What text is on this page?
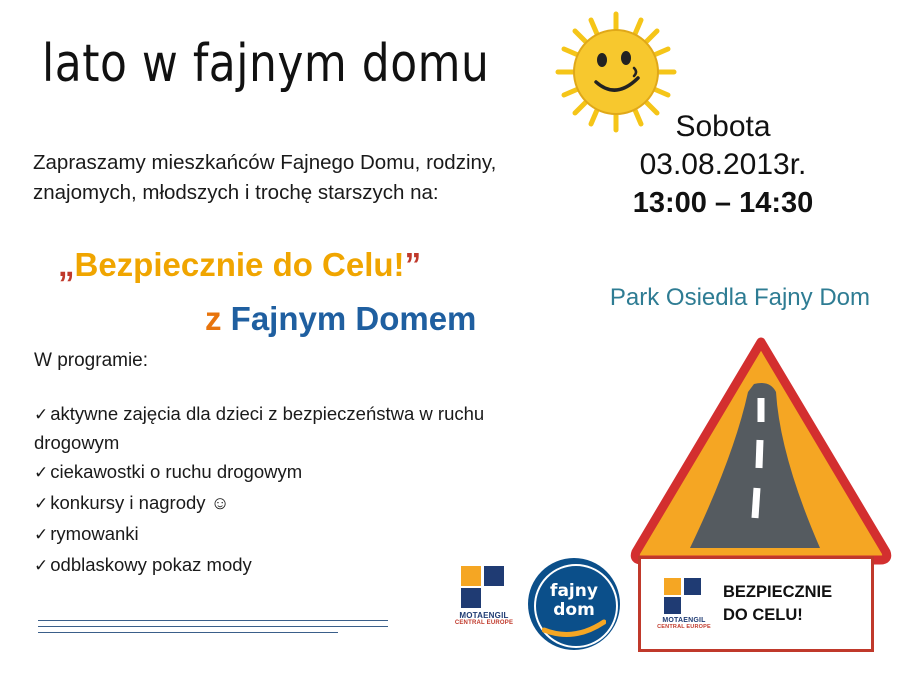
lato w fajnym domu
Zapraszamy mieszkańców Fajnego Domu, rodziny, znajomych, młodszych i trochę starszych na:
Sobota
03.08.2013r.
13:00 – 14:30
Park Osiedla Fajny Dom
„Bezpiecznie do Celu!”
z Fajnym Domem
W programie:
✓ aktywne zajęcia dla dzieci z bezpieczeństwa w ruchu drogowym
✓ ciekawostki o ruchu drogowym
✓ konkursy i nagrody ☺
✓ rymowanki
✓ odblaskowy pokaz mody
MOTAENGIL
CENTRAL EUROPE
BEZPIECZNIE
DO CELU!
MOTAENGIL
CENTRAL EUROPE
fajny
dom
